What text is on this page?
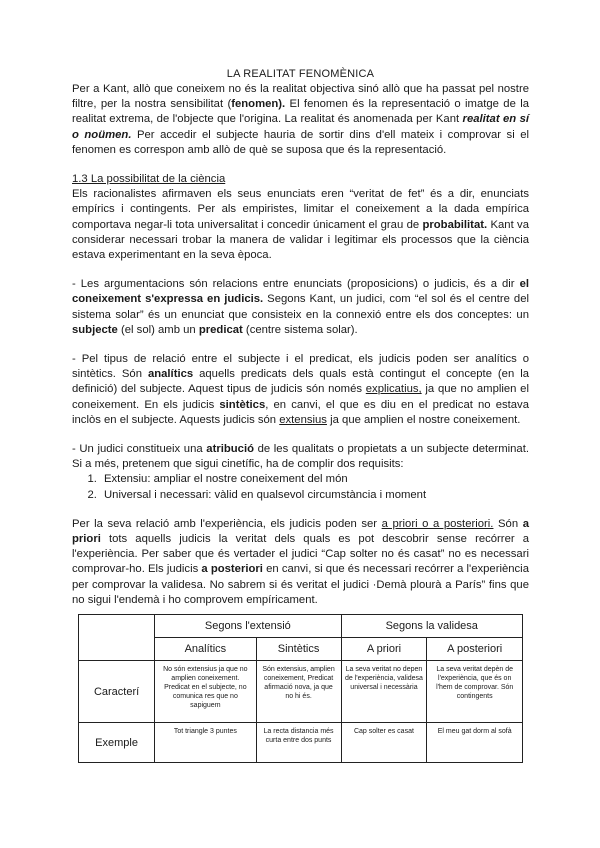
LA REALITAT FENOMÈNICA

Per a Kant, allò que coneixem no és la realitat objectiva sinó allò que ha passat pel nostre filtre, per la nostra sensibilitat (fenomen). El fenomen és la representació o imatge de la realitat extrema, de l'objecte que l'origina. La realitat és anomenada per Kant realitat en sí o noümen. Per accedir el subjecte hauria de sortir dins d'ell mateix i comprovar si el fenomen es correspon amb allò de què se suposa que és la representació.

1.3 La possibilitat de la ciència

Els racionalistes afirmaven els seus enunciats eren “veritat de fet” és a dir, enunciats empírics i contingents. Per als empiristes, limitar el coneixement a la dada empírica comportava negar-li tota universalitat i concedir únicament el grau de probabilitat. Kant va considerar necessari trobar la manera de validar i legitimar els processos que la ciència estava experimentant en la seva època.

- Les argumentacions són relacions entre enunciats (proposicions) o judicis, és a dir el coneixement s'expressa en judicis. Segons Kant, un judici, com “el sol és el centre del sistema solar” és un enunciat que consisteix en la connexió entre els dos conceptes: un subjecte (el sol) amb un predicat (centre sistema solar).

- Pel tipus de relació entre el subjecte i el predicat, els judicis poden ser analítics o sintètics. Són analítics aquells predicats dels quals està contingut el concepte (en la definició) del subjecte. Aquest tipus de judicis són només explicatius, ja que no amplien el coneixement. En els judicis sintètics, en canvi, el que es diu en el predicat no estava inclòs en el subjecte. Aquests judicis són extensius ja que amplien el nostre coneixement.

- Un judici constitueix una atribució de les qualitats o propietats a un subjecte determinat. Si a més, pretenem que sigui cinetífic, ha de complir dos requisits:

1. Extensiu: ampliar el nostre coneixement del món
2. Universal i necessari: vàlid en qualsevol circumstància i moment

Per la seva relació amb l'experiència, els judicis poden ser a priori o a posteriori. Són a priori tots aquells judicis la veritat dels quals es pot descobrir sense recórrer a l'experiència. Per saber que és vertader el judici “Cap solter no és casat” no es necessari comprovar-ho. Els judicis a posteriori en canvi, si que és necessari recórrer a l'experiència per comprovar la validesa. No sabrem si és veritat el judici ·Demà plourà a París” fins que no sigui l'endemà i ho comprovem empíricament.

	Segons l'extensió		Segons la validesa	
	Analítics	Sintètics	A priori	A posteriori
Caracterí	No són extensius ja que no amplien coneixement. Predicat en el subjecte, no comunica res que no sapiguem	Són extensius, amplien coneixement, Predicat afirmació nova, ja que no hi és.	La seva veritat no depen de l'experiència, validesa universal i necessària	La seva veritat depèn de l'experiència, que és on l'hem de comprovar. Són contingents
Exemple	Tot triangle 3 puntes	La recta distancia més curta entre dos punts	Cap solter es casat	El meu gat dorm al sofà
